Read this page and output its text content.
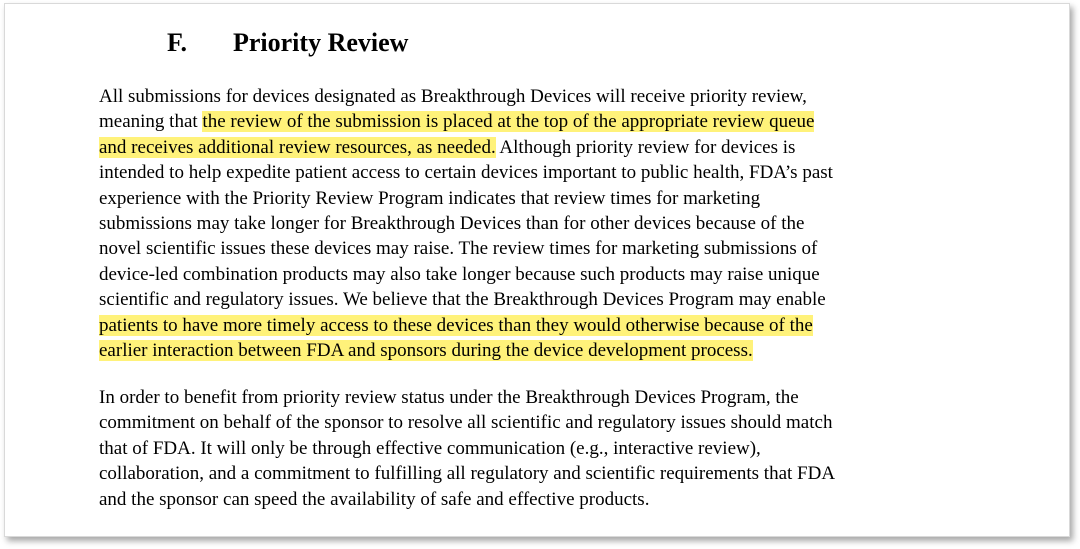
F. Priority Review

All submissions for devices designated as Breakthrough Devices will receive priority review,
meaning that the review of the submission is placed at the top of the appropriate review queue
and receives additional review resources, as needed. Although priority review for devices is
intended to help expedite patient access to certain devices important to public health, FDA’s past
experience with the Priority Review Program indicates that review times for marketing
submissions may take longer for Breakthrough Devices than for other devices because of the
novel scientific issues these devices may raise. The review times for marketing submissions of
device-led combination products may also take longer because such products may raise unique
scientific and regulatory issues. We believe that the Breakthrough Devices Program may enable
patients to have more timely access to these devices than they would otherwise because of the
earlier interaction between FDA and sponsors during the device development process.

In order to benefit from priority review status under the Breakthrough Devices Program, the
commitment on behalf of the sponsor to resolve all scientific and regulatory issues should match
that of FDA. It will only be through effective communication (e.g., interactive review),
collaboration, and a commitment to fulfilling all regulatory and scientific requirements that FDA
and the sponsor can speed the availability of safe and effective products.
